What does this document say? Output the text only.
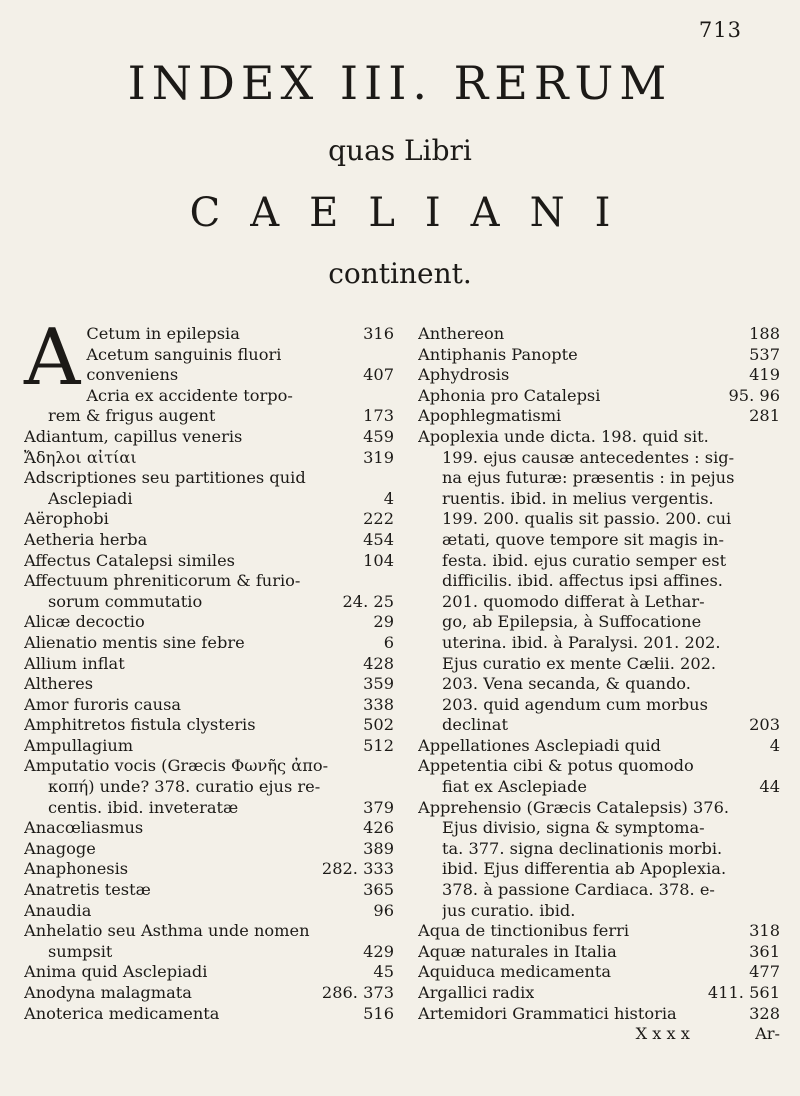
713
INDEX III. RERUM
quas Libri
CAELIANI
continent.
A Cetum in epilepsia	316
Acetum sanguinis fluori
conveniens	407
Acria ex accidente torpo-
rem & frigus augent	173
Adiantum, capillus veneris	459
Ἄδηλοι αἰτίαι	319
Adscriptiones seu partitiones quid
Asclepiadi	4
Aërophobi	222
Aetheria herba	454
Affectus Catalepsi similes	104
Affectuum phreniticorum & furio-
sorum commutatio	24. 25
Alicæ decoctio	29
Alienatio mentis sine febre	6
Allium inflat	428
Altheres	359
Amor furoris causa	338
Amphitretos fistula clysteris	502
Ampullagium	512
Amputatio vocis (Græcis Φωνῆς ἀπο-
κοπή) unde? 378. curatio ejus re-
centis. ibid. inveteratæ	379
Anacœliasmus	426
Anagoge	389
Anaphonesis	282. 333
Anatretis testæ	365
Anaudia	96
Anhelatio seu Asthma unde nomen
sumpsit	429
Anima quid Asclepiadi	45
Anodyna malagmata	286. 373
Anoterica medicamenta	516
Anthereon	188
Antiphanis Panopte	537
Aphydrosis	419
Aphonia pro Catalepsi	95. 96
Apophlegmatismi	281
Apoplexia unde dicta. 198. quid sit.
199. ejus causæ antecedentes : sig-
na ejus futuræ: præsentis : in pejus
ruentis. ibid. in melius vergentis.
199. 200. qualis sit passio. 200. cui
ætati, quove tempore sit magis in-
festa. ibid. ejus curatio semper est
difficilis. ibid. affectus ipsi affines.
201. quomodo differat à Lethar-
go, ab Epilepsia, à Suffocatione
uterina. ibid. à Paralysi. 201. 202.
Ejus curatio ex mente Cælii. 202.
203. Vena secanda, & quando.
203. quid agendum cum morbus
declinat	203
Appellationes Asclepiadi quid	4
Appetentia cibi & potus quomodo
fiat ex Asclepiade	44
Apprehensio (Græcis Catalepsis) 376.
Ejus divisio, signa & symptoma-
ta. 377. signa declinationis morbi.
ibid. Ejus differentia ab Apoplexia.
378. à passione Cardiaca. 378. e-
jus curatio. ibid.
Aqua de tinctionibus ferri	318
Aquæ naturales in Italia	361
Aquiduca medicamenta	477
Argallici radix	411. 561
Artemidori Grammatici historia	328
X x x x	Ar-
